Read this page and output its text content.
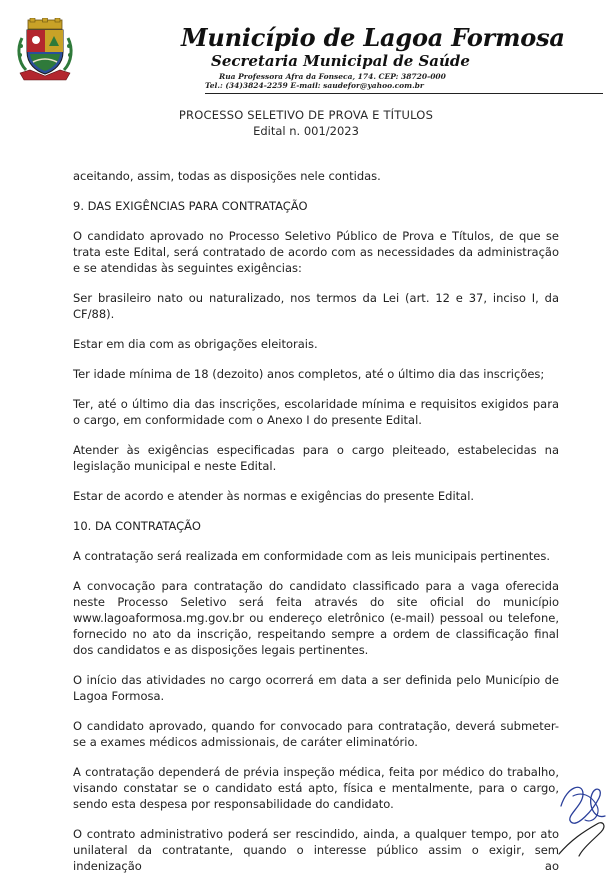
Município de Lagoa Formosa
Secretaria Municipal de Saúde

Rua Professora Afra da Fonseca, 174. CEP: 38720-000

Tel.: (34)3824-2259 E-mail: saudefor@yahoo.com.br

PROCESSO SELETIVO DE PROVA E TÍTULOS
Edital n. 001/2023

aceitando, assim, todas as disposições nele contidas.

9. DAS EXIGÊNCIAS PARA CONTRATAÇÃO

O candidato aprovado no Processo Seletivo Público de Prova e Títulos, de que se trata este Edital, será contratado de acordo com as necessidades da administração e se atendidas às seguintes exigências:

Ser brasileiro nato ou naturalizado, nos termos da Lei (art. 12 e 37, inciso I, da CF/88).

Estar em dia com as obrigações eleitorais.

Ter idade mínima de 18 (dezoito) anos completos, até o último dia das inscrições;

Ter, até o último dia das inscrições, escolaridade mínima e requisitos exigidos para o cargo, em conformidade com o Anexo I do presente Edital.

Atender às exigências especificadas para o cargo pleiteado, estabelecidas na legislação municipal e neste Edital.

Estar de acordo e atender às normas e exigências do presente Edital.

10. DA CONTRATAÇÃO

A contratação será realizada em conformidade com as leis municipais pertinentes.

A convocação para contratação do candidato classificado para a vaga oferecida neste Processo Seletivo será feita através do site oficial do município www.lagoaformosa.mg.gov.br ou endereço eletrônico (e-mail) pessoal ou telefone, fornecido no ato da inscrição, respeitando sempre a ordem de classificação final dos candidatos e as disposições legais pertinentes.

O início das atividades no cargo ocorrerá em data a ser definida pelo Município de Lagoa Formosa.

O candidato aprovado, quando for convocado para contratação, deverá submeter- se a exames médicos admissionais, de caráter eliminatório.

A contratação dependerá de prévia inspeção médica, feita por médico do trabalho, visando constatar se o candidato está apto, física e mentalmente, para o cargo, sendo esta despesa por responsabilidade do candidato.

O contrato administrativo poderá ser rescindido, ainda, a qualquer tempo, por ato unilateral da contratante, quando o interesse público assim o exigir, sem indenização ao
